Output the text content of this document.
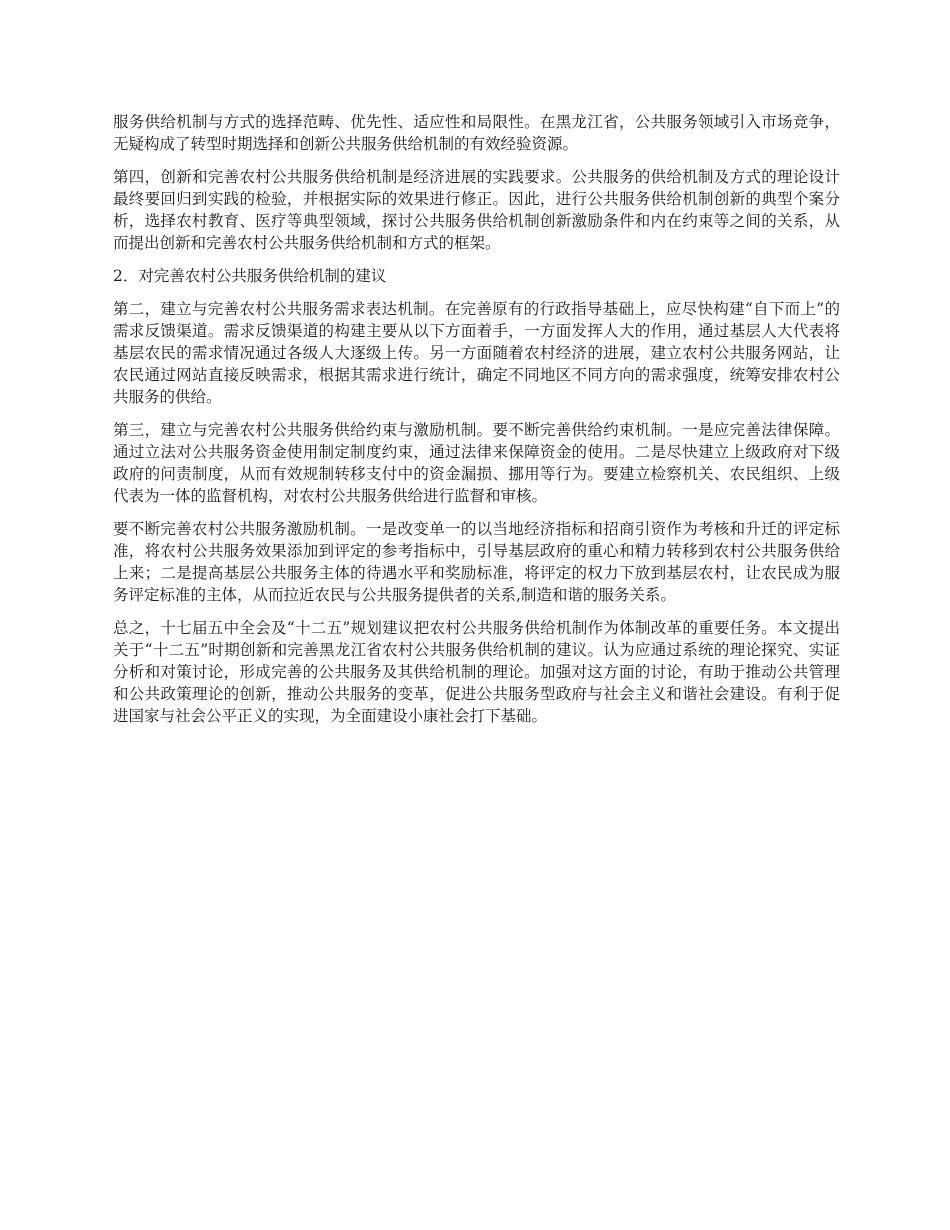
服务供给机制与方式的选择范畴、优先性、适应性和局限性。在黑龙江省，公共服务领域引入市场竞争，无疑构成了转型时期选择和创新公共服务供给机制的有效经验资源。

第四，创新和完善农村公共服务供给机制是经济进展的实践要求。公共服务的供给机制及方式的理论设计最终要回归到实践的检验，并根据实际的效果进行修正。因此，进行公共服务供给机制创新的典型个案分析，选择农村教育、医疗等典型领域，探讨公共服务供给机制创新激励条件和内在约束等之间的关系，从而提出创新和完善农村公共服务供给机制和方式的框架。

2．对完善农村公共服务供给机制的建议

第二，建立与完善农村公共服务需求表达机制。在完善原有的行政指导基础上，应尽快构建“自下而上”的需求反馈渠道。需求反馈渠道的构建主要从以下方面着手，一方面发挥人大的作用，通过基层人大代表将基层农民的需求情况通过各级人大逐级上传。另一方面随着农村经济的进展，建立农村公共服务网站，让农民通过网站直接反映需求，根据其需求进行统计，确定不同地区不同方向的需求强度，统筹安排农村公共服务的供给。

第三，建立与完善农村公共服务供给约束与激励机制。要不断完善供给约束机制。一是应完善法律保障。通过立法对公共服务资金使用制定制度约束，通过法律来保障资金的使用。二是尽快建立上级政府对下级政府的问责制度，从而有效规制转移支付中的资金漏损、挪用等行为。要建立检察机关、农民组织、上级代表为一体的监督机构，对农村公共服务供给进行监督和审核。

要不断完善农村公共服务激励机制。一是改变单一的以当地经济指标和招商引资作为考核和升迁的评定标准，将农村公共服务效果添加到评定的参考指标中，引导基层政府的重心和精力转移到农村公共服务供给上来；二是提高基层公共服务主体的待遇水平和奖励标准，将评定的权力下放到基层农村，让农民成为服务评定标准的主体，从而拉近农民与公共服务提供者的关系,制造和谐的服务关系。

总之，十七届五中全会及“十二五”规划建议把农村公共服务供给机制作为体制改革的重要任务。本文提出关于“十二五”时期创新和完善黑龙江省农村公共服务供给机制的建议。认为应通过系统的理论探究、实证分析和对策讨论，形成完善的公共服务及其供给机制的理论。加强对这方面的讨论，有助于推动公共管理和公共政策理论的创新，推动公共服务的变革，促进公共服务型政府与社会主义和谐社会建设。有利于促进国家与社会公平正义的实现，为全面建设小康社会打下基础。
